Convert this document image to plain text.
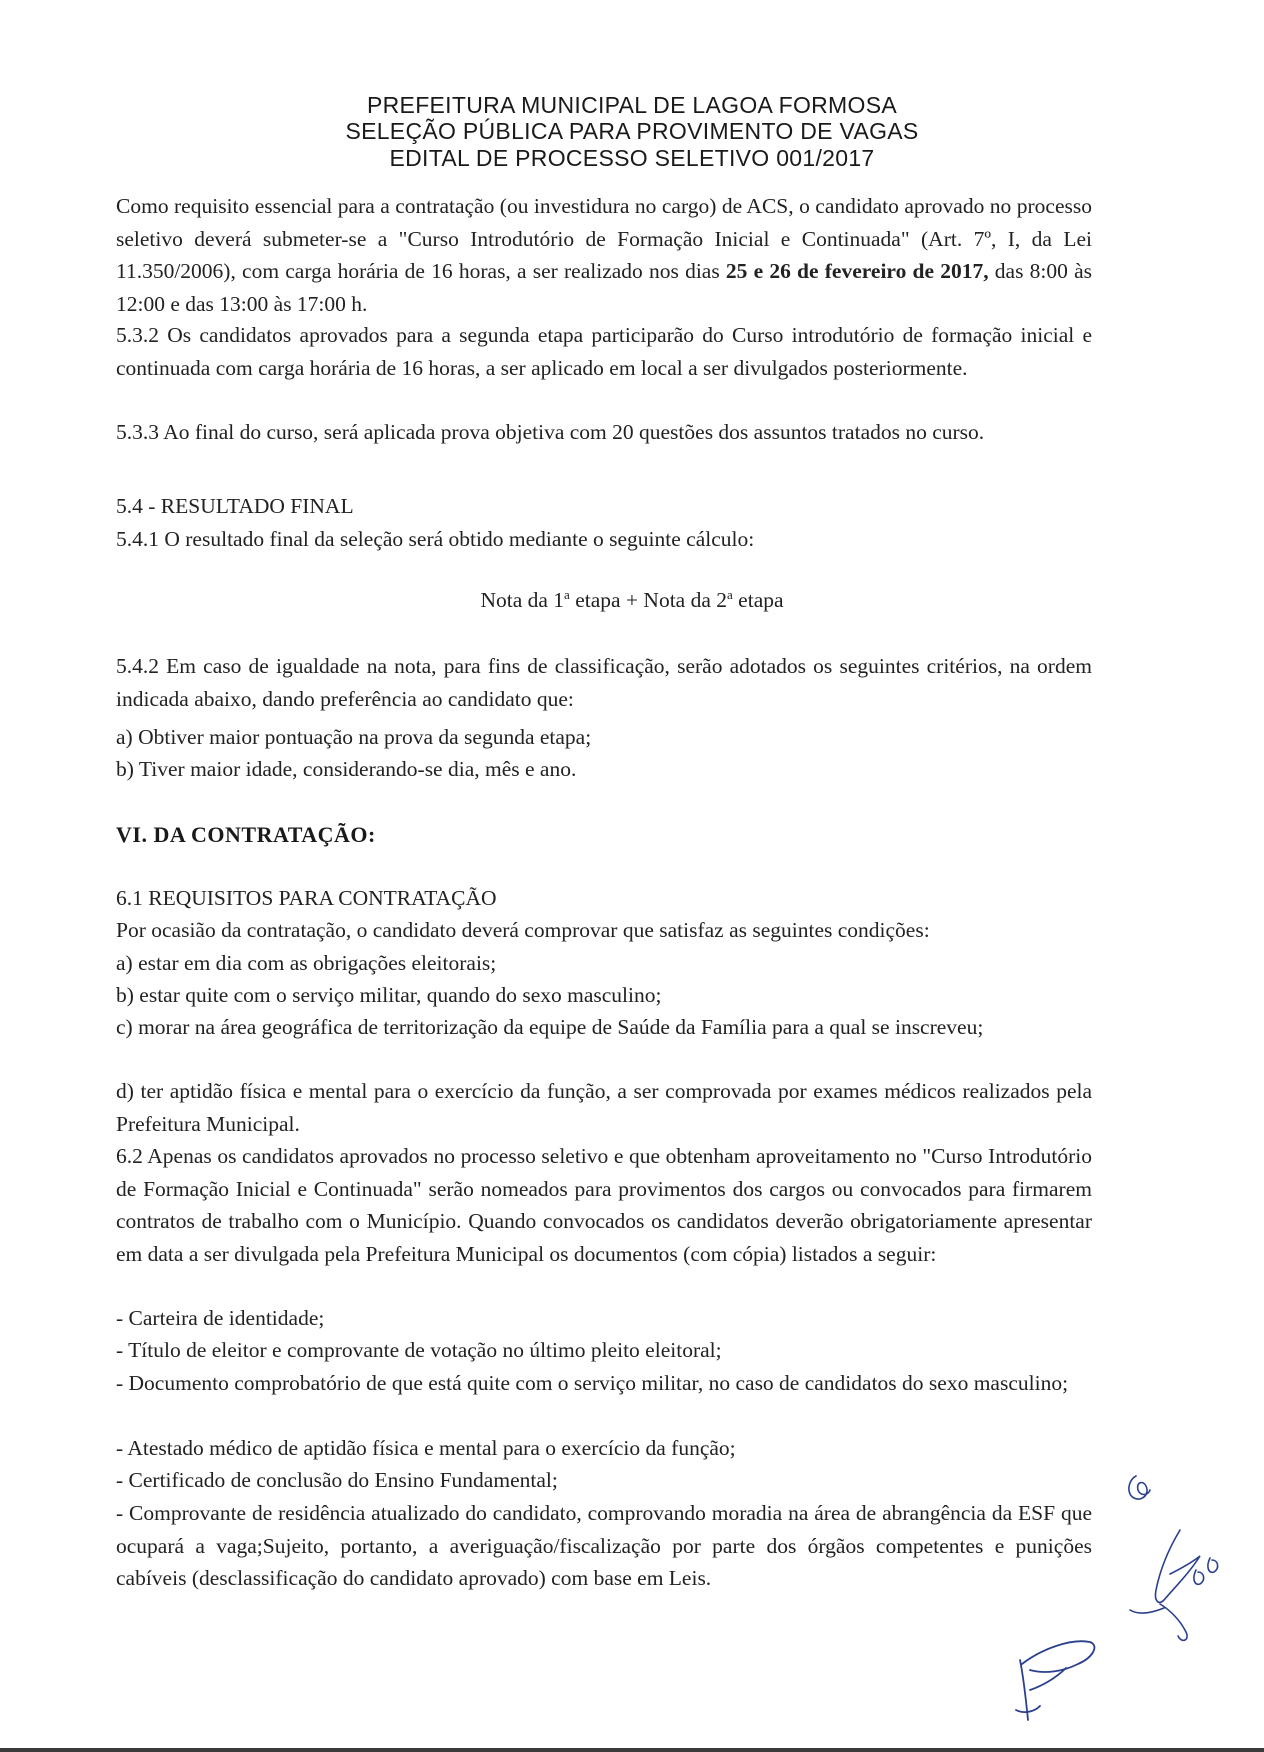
PREFEITURA MUNICIPAL DE LAGOA FORMOSA
SELEÇÃO PÚBLICA PARA PROVIMENTO DE VAGAS
EDITAL DE PROCESSO SELETIVO 001/2017
Como requisito essencial para a contratação (ou investidura no cargo) de ACS, o candidato aprovado no processo seletivo deverá submeter-se a "Curso Introdutório de Formação Inicial e Continuada" (Art. 7º, I, da Lei 11.350/2006), com carga horária de 16 horas, a ser realizado nos dias 25 e 26 de fevereiro de 2017, das 8:00 às 12:00 e das 13:00 às 17:00 h.
5.3.2 Os candidatos aprovados para a segunda etapa participarão do Curso introdutório de formação inicial e continuada com carga horária de 16 horas, a ser aplicado em local a ser divulgados posteriormente.
5.3.3 Ao final do curso, será aplicada prova objetiva com 20 questões dos assuntos tratados no curso.
5.4 - RESULTADO FINAL
5.4.1 O resultado final da seleção será obtido mediante o seguinte cálculo:
Nota da 1$^a$ etapa + Nota da 2$^a$ etapa
5.4.2 Em caso de igualdade na nota, para fins de classificação, serão adotados os seguintes critérios, na ordem indicada abaixo, dando preferência ao candidato que:
a) Obtiver maior pontuação na prova da segunda etapa;
b) Tiver maior idade, considerando-se dia, mês e ano.
VI. DA CONTRATAÇÃO:
6.1 REQUISITOS PARA CONTRATAÇÃO
Por ocasião da contratação, o candidato deverá comprovar que satisfaz as seguintes condições:
a) estar em dia com as obrigações eleitorais;
b) estar quite com o serviço militar, quando do sexo masculino;
c) morar na área geográfica de territorização da equipe de Saúde da Família para a qual se inscreveu;
d) ter aptidão física e mental para o exercício da função, a ser comprovada por exames médicos realizados pela Prefeitura Municipal.
6.2 Apenas os candidatos aprovados no processo seletivo e que obtenham aproveitamento no "Curso Introdutório de Formação Inicial e Continuada" serão nomeados para provimentos dos cargos ou convocados para firmarem contratos de trabalho com o Município. Quando convocados os candidatos deverão obrigatoriamente apresentar em data a ser divulgada pela Prefeitura Municipal os documentos (com cópia) listados a seguir:
- Carteira de identidade;
- Título de eleitor e comprovante de votação no último pleito eleitoral;
- Documento comprobatório de que está quite com o serviço militar, no caso de candidatos do sexo masculino;
- Atestado médico de aptidão física e mental para o exercício da função;
- Certificado de conclusão do Ensino Fundamental;
- Comprovante de residência atualizado do candidato, comprovando moradia na área de abrangência da ESF que ocupará a vaga;Sujeito, portanto, a averiguação/fiscalização por parte dos órgãos competentes e punições cabíveis (desclassificação do candidato aprovado) com base em Leis.
